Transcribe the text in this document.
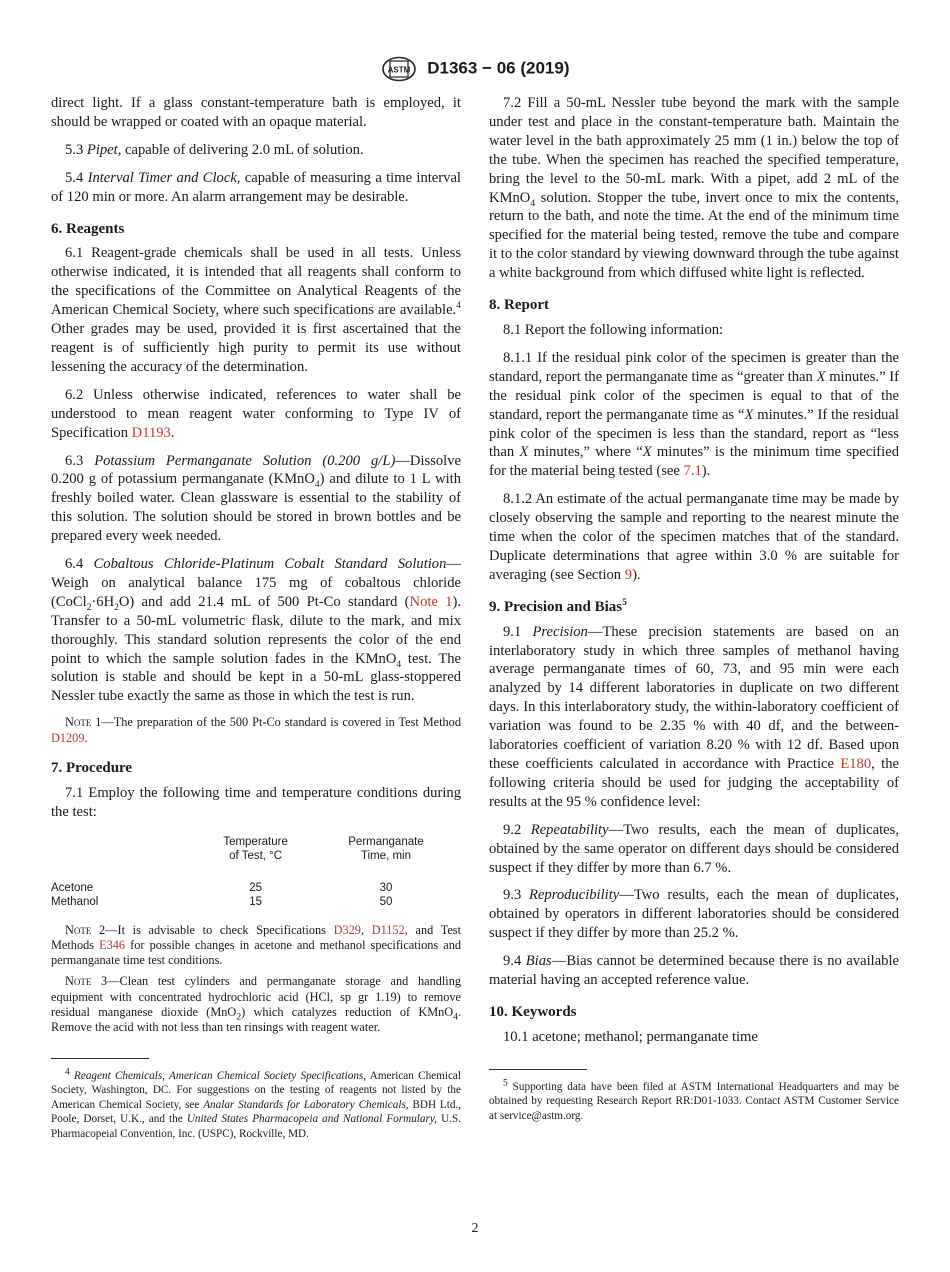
ASTM D1363 − 06 (2019)

direct light. If a glass constant-temperature bath is employed, it should be wrapped or coated with an opaque material.

5.3 Pipet, capable of delivering 2.0 mL of solution.

5.4 Interval Timer and Clock, capable of measuring a time interval of 120 min or more. An alarm arrangement may be desirable.

6. Reagents

6.1 Reagent-grade chemicals shall be used in all tests. Unless otherwise indicated, it is intended that all reagents shall conform to the specifications of the Committee on Analytical Reagents of the American Chemical Society, where such specifications are available.$^4$ Other grades may be used, provided it is first ascertained that the reagent is of sufficiently high purity to permit its use without lessening the accuracy of the determination.

6.2 Unless otherwise indicated, references to water shall be understood to mean reagent water conforming to Type IV of Specification D1193.

6.3 Potassium Permanganate Solution (0.200 g/L)—Dissolve 0.200 g of potassium permanganate (KMnO$_4$) and dilute to 1 L with freshly boiled water. Clean glassware is essential to the stability of this solution. The solution should be stored in brown bottles and be prepared every week needed.

6.4 Cobaltous Chloride-Platinum Cobalt Standard Solution—Weigh on analytical balance 175 mg of cobaltous chloride $(CoCl_2\cdot 6H_2O)$ and add 21.4 mL of 500 Pt-Co standard (Note 1). Transfer to a 50-mL volumetric flask, dilute to the mark, and mix thoroughly. This standard solution represents the color of the end point to which the sample solution fades in the KMnO$_4$ test. The solution is stable and should be kept in a 50-mL glass-stoppered Nessler tube exactly the same as those in which the test is run.

Note 1—The preparation of the 500 Pt-Co standard is covered in Test Method D1209.

7. Procedure

7.1 Employ the following time and temperature conditions during the test:

	Temperature
of Test, °C	Permanganate
Time, min
Acetone	25	30
Methanol	15	50

Note 2—It is advisable to check Specifications D329, D1152, and Test Methods E346 for possible changes in acetone and methanol specifications and permanganate time test conditions.

Note 3—Clean test cylinders and permanganate storage and handling equipment with concentrated hydrochloric acid (HCl, sp gr 1.19) to remove residual manganese dioxide (MnO$_2$) which catalyzes reduction of KMnO$_4$. Remove the acid with not less than ten rinsings with reagent water.

$^4$ Reagent Chemicals, American Chemical Society Specifications, American Chemical Society, Washington, DC. For suggestions on the testing of reagents not listed by the American Chemical Society, see Analar Standards for Laboratory Chemicals, BDH Ltd., Poole, Dorset, U.K., and the United States Pharmacopeia and National Formulary, U.S. Pharmacopeial Convention, Inc. (USPC), Rockville, MD.

7.2 Fill a 50-mL Nessler tube beyond the mark with the sample under test and place in the constant-temperature bath. Maintain the water level in the bath approximately 25 mm (1 in.) below the top of the tube. When the specimen has reached the specified temperature, bring the level to the 50-mL mark. With a pipet, add 2 mL of the KMnO$_4$ solution. Stopper the tube, invert once to mix the contents, return to the bath, and note the time. At the end of the minimum time specified for the material being tested, remove the tube and compare it to the color standard by viewing downward through the tube against a white background from which diffused white light is reflected.

8. Report

8.1 Report the following information:

8.1.1 If the residual pink color of the specimen is greater than the standard, report the permanganate time as “greater than X minutes.” If the residual pink color of the specimen is equal to that of the standard, report the permanganate time as “X minutes.” If the residual pink color of the specimen is less than the standard, report as “less than X minutes,” where “X minutes” is the minimum time specified for the material being tested (see 7.1).

8.1.2 An estimate of the actual permanganate time may be made by closely observing the sample and reporting to the nearest minute the time when the color of the specimen matches that of the standard. Duplicate determinations that agree within 3.0 % are suitable for averaging (see Section 9).

9. Precision and Bias$^5$

9.1 Precision—These precision statements are based on an interlaboratory study in which three samples of methanol having average permanganate times of 60, 73, and 95 min were each analyzed by 14 different laboratories in duplicate on two different days. In this interlaboratory study, the within-laboratory coefficient of variation was found to be 2.35 % with 40 df, and the between-laboratories coefficient of variation 8.20 % with 12 df. Based upon these coefficients calculated in accordance with Practice E180, the following criteria should be used for judging the acceptability of results at the 95 % confidence level:

9.2 Repeatability—Two results, each the mean of duplicates, obtained by the same operator on different days should be considered suspect if they differ by more than 6.7 %.

9.3 Reproducibility—Two results, each the mean of duplicates, obtained by operators in different laboratories should be considered suspect if they differ by more than 25.2 %.

9.4 Bias—Bias cannot be determined because there is no available material having an accepted reference value.

10. Keywords

10.1 acetone; methanol; permanganate time

$^5$ Supporting data have been filed at ASTM International Headquarters and may be obtained by requesting Research Report RR:D01-1033. Contact ASTM Customer Service at service@astm.org.

2
